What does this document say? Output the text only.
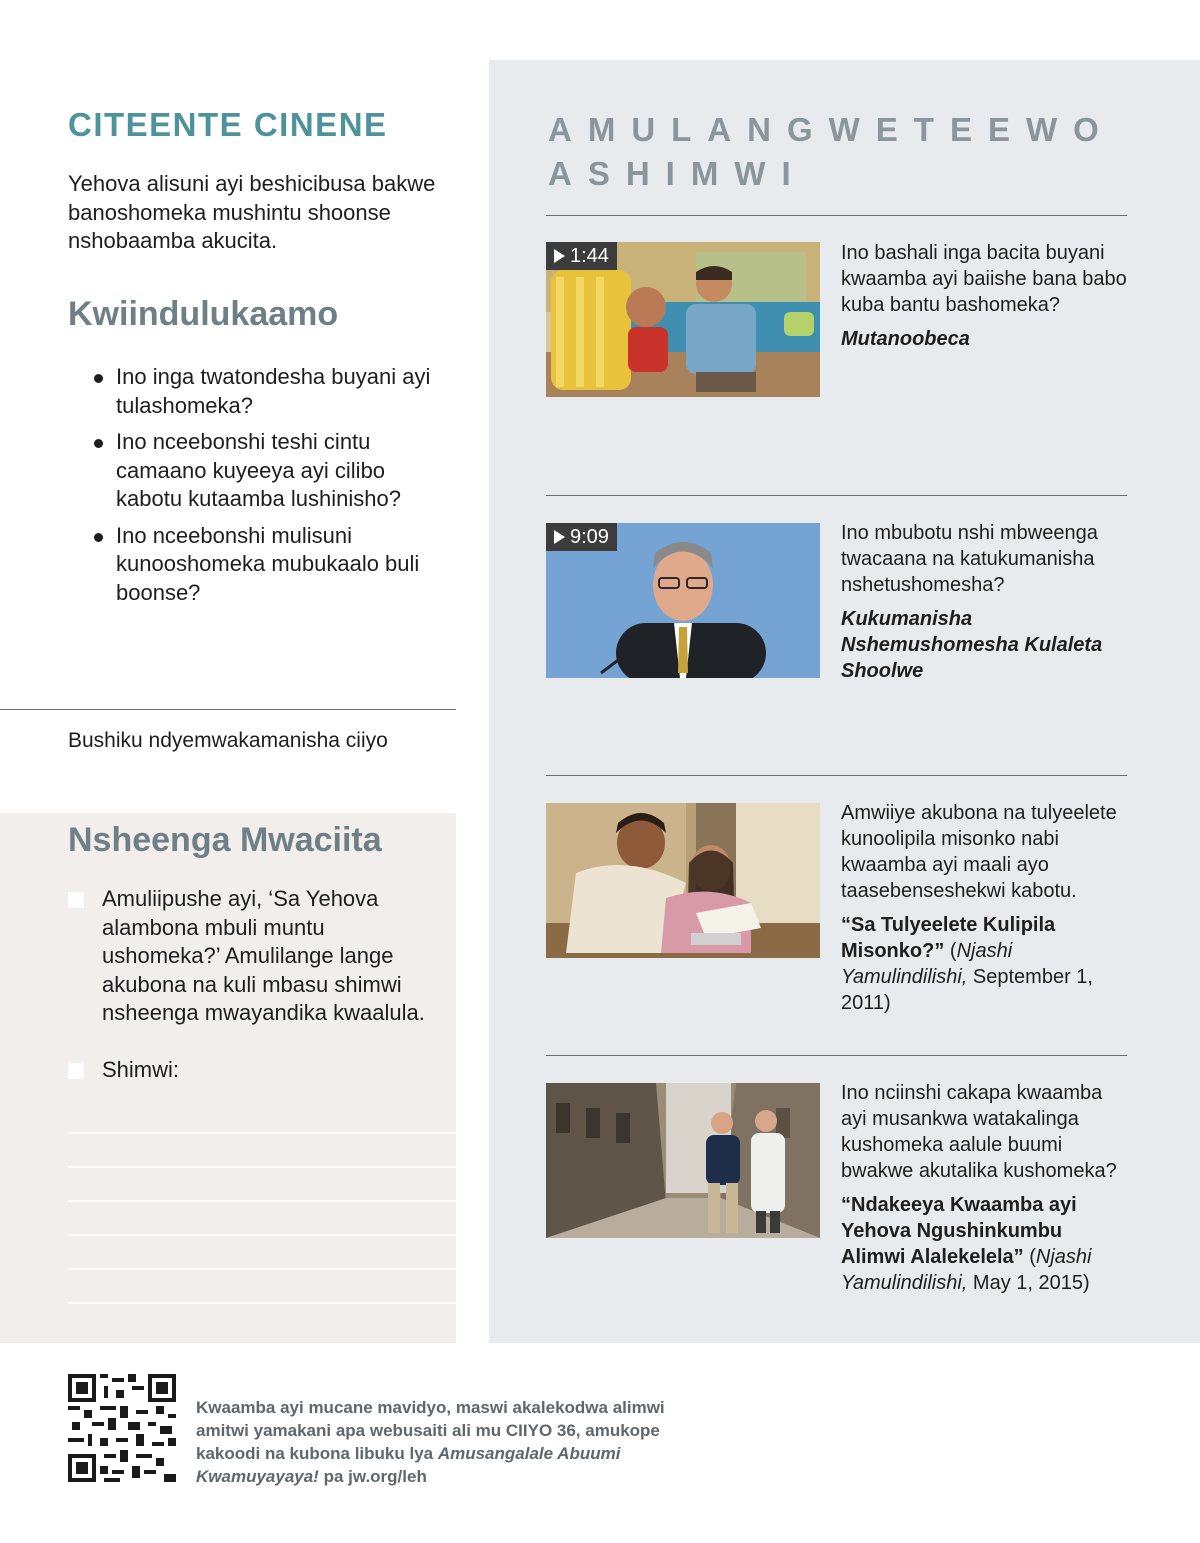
AMULANGWETEEWO
ASHIMWI
1:44	Ino bashali inga bacita buyani kwaamba ayi baiishe bana babo kuba bantu bashomeka?

Mutanoobeca

9:09	Ino mbubotu nshi mbweenga twacaana na katukumanisha nshetushomesha?

Kukumanisha Nshemushomesha Kulaleta Shoolwe

Amwiiye akubona na tulyeelete kunoolipila misonko nabi kwaamba ayi maali ayo taasebenseshekwi kabotu.

“Sa Tulyeelete Kulipila Misonko?” (Njashi Yamulindilishi, September 1, 2011)

Ino nciinshi cakapa kwaamba ayi musankwa watakalinga kushomeka aalule buumi bwakwe akutalika kushomeka?

“Ndakeeya Kwaamba ayi Yehova Ngushinkumbu Alimwi Alalekelela” (Njashi Yamulindilishi, May 1, 2015)

CITEENTE CINENE

Yehova alisuni ayi beshicibusa bakwe banoshomeka mushintu shoonse nshobaamba akucita.

Kwiindulukaamo
Ino inga twatondesha buyani ayi tulashomeka?
Ino nceebonshi teshi cintu camaano kuyeeya ayi cilibo kabotu kutaamba lushinisho?
Ino nceebonshi mulisuni kunooshomeka mubukaalo buli boonse?

Bushiku ndyemwakamanisha ciiyo

Nsheenga Mwaciita
Amuliipushe ayi, ‘Sa Yehova alambona mbuli muntu ushomeka?’ Amulilange lange akubona na kuli mbasu shimwi nsheenga mwayandika kwaalula.
Shimwi:

Kwaamba ayi mucane mavidyo, maswi akalekodwa alimwi amitwi yamakani apa webusaiti ali mu CIIYO 36, amukope kakoodi na kubona libuku lya Amusangalale Abuumi Kwamuyayaya! pa jw.org/leh
